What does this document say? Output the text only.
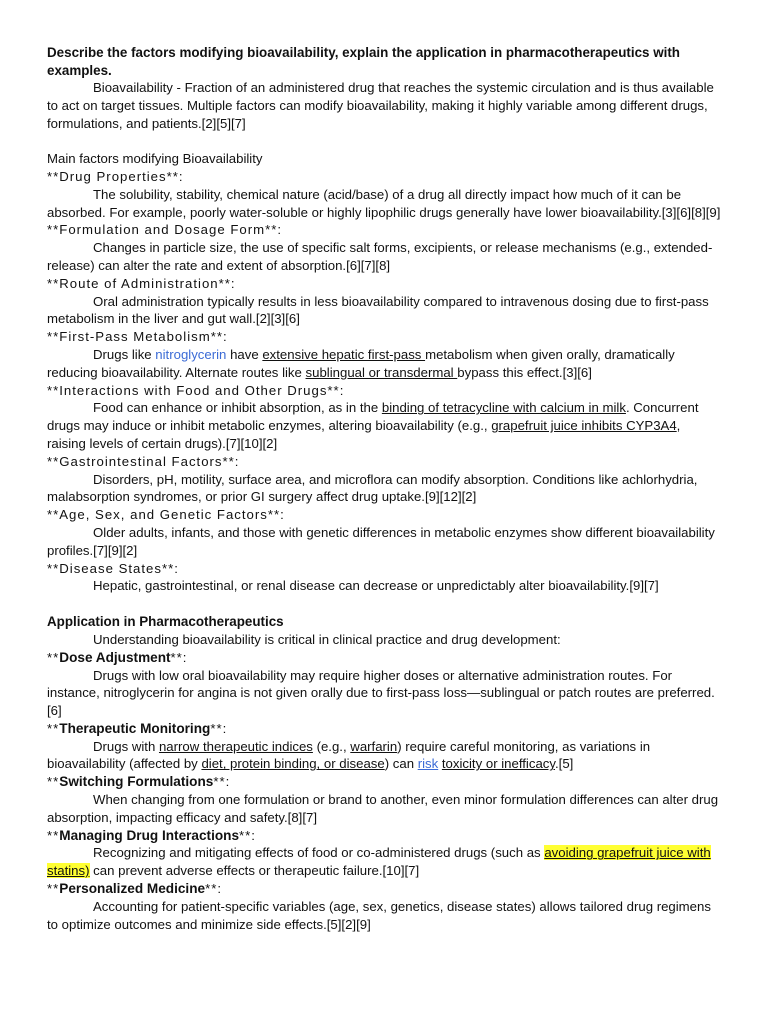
Describe the factors modifying bioavailability, explain the application in pharmacotherapeutics with examples.

Bioavailability - Fraction of an administered drug that reaches the systemic circulation and is thus available to act on target tissues. Multiple factors can modify bioavailability, making it highly variable among different drugs, formulations, and patients.[2][5][7]

Main factors modifying Bioavailability

**Drug Properties**:

The solubility, stability, chemical nature (acid/base) of a drug all directly impact how much of it can be absorbed. For example, poorly water-soluble or highly lipophilic drugs generally have lower bioavailability.[3][6][8][9]

**Formulation and Dosage Form**:

Changes in particle size, the use of specific salt forms, excipients, or release mechanisms (e.g., extended-release) can alter the rate and extent of absorption.[6][7][8]

**Route of Administration**:

Oral administration typically results in less bioavailability compared to intravenous dosing due to first-pass metabolism in the liver and gut wall.[2][3][6]

**First-Pass Metabolism**:

Drugs like nitroglycerin have extensive hepatic first-pass metabolism when given orally, dramatically reducing bioavailability. Alternate routes like sublingual or transdermal bypass this effect.[3][6]

**Interactions with Food and Other Drugs**:

Food can enhance or inhibit absorption, as in the binding of tetracycline with calcium in milk. Concurrent drugs may induce or inhibit metabolic enzymes, altering bioavailability (e.g., grapefruit juice inhibits CYP3A4, raising levels of certain drugs).[7][10][2]

**Gastrointestinal Factors**:

Disorders, pH, motility, surface area, and microflora can modify absorption. Conditions like achlorhydria, malabsorption syndromes, or prior GI surgery affect drug uptake.[9][12][2]

**Age, Sex, and Genetic Factors**:

Older adults, infants, and those with genetic differences in metabolic enzymes show different bioavailability profiles.[7][9][2]

**Disease States**:

Hepatic, gastrointestinal, or renal disease can decrease or unpredictably alter bioavailability.[9][7]

Application in Pharmacotherapeutics

Understanding bioavailability is critical in clinical practice and drug development:

**Dose Adjustment**:

Drugs with low oral bioavailability may require higher doses or alternative administration routes. For instance, nitroglycerin for angina is not given orally due to first-pass loss—sublingual or patch routes are preferred.[6]

**Therapeutic Monitoring**:

Drugs with narrow therapeutic indices (e.g., warfarin) require careful monitoring, as variations in bioavailability (affected by diet, protein binding, or disease) can risk toxicity or inefficacy.[5]

**Switching Formulations**:

When changing from one formulation or brand to another, even minor formulation differences can alter drug absorption, impacting efficacy and safety.[8][7]

**Managing Drug Interactions**:

Recognizing and mitigating effects of food or co-administered drugs (such as avoiding grapefruit juice with statins) can prevent adverse effects or therapeutic failure.[10][7]

**Personalized Medicine**:

Accounting for patient-specific variables (age, sex, genetics, disease states) allows tailored drug regimens to optimize outcomes and minimize side effects.[5][2][9]
